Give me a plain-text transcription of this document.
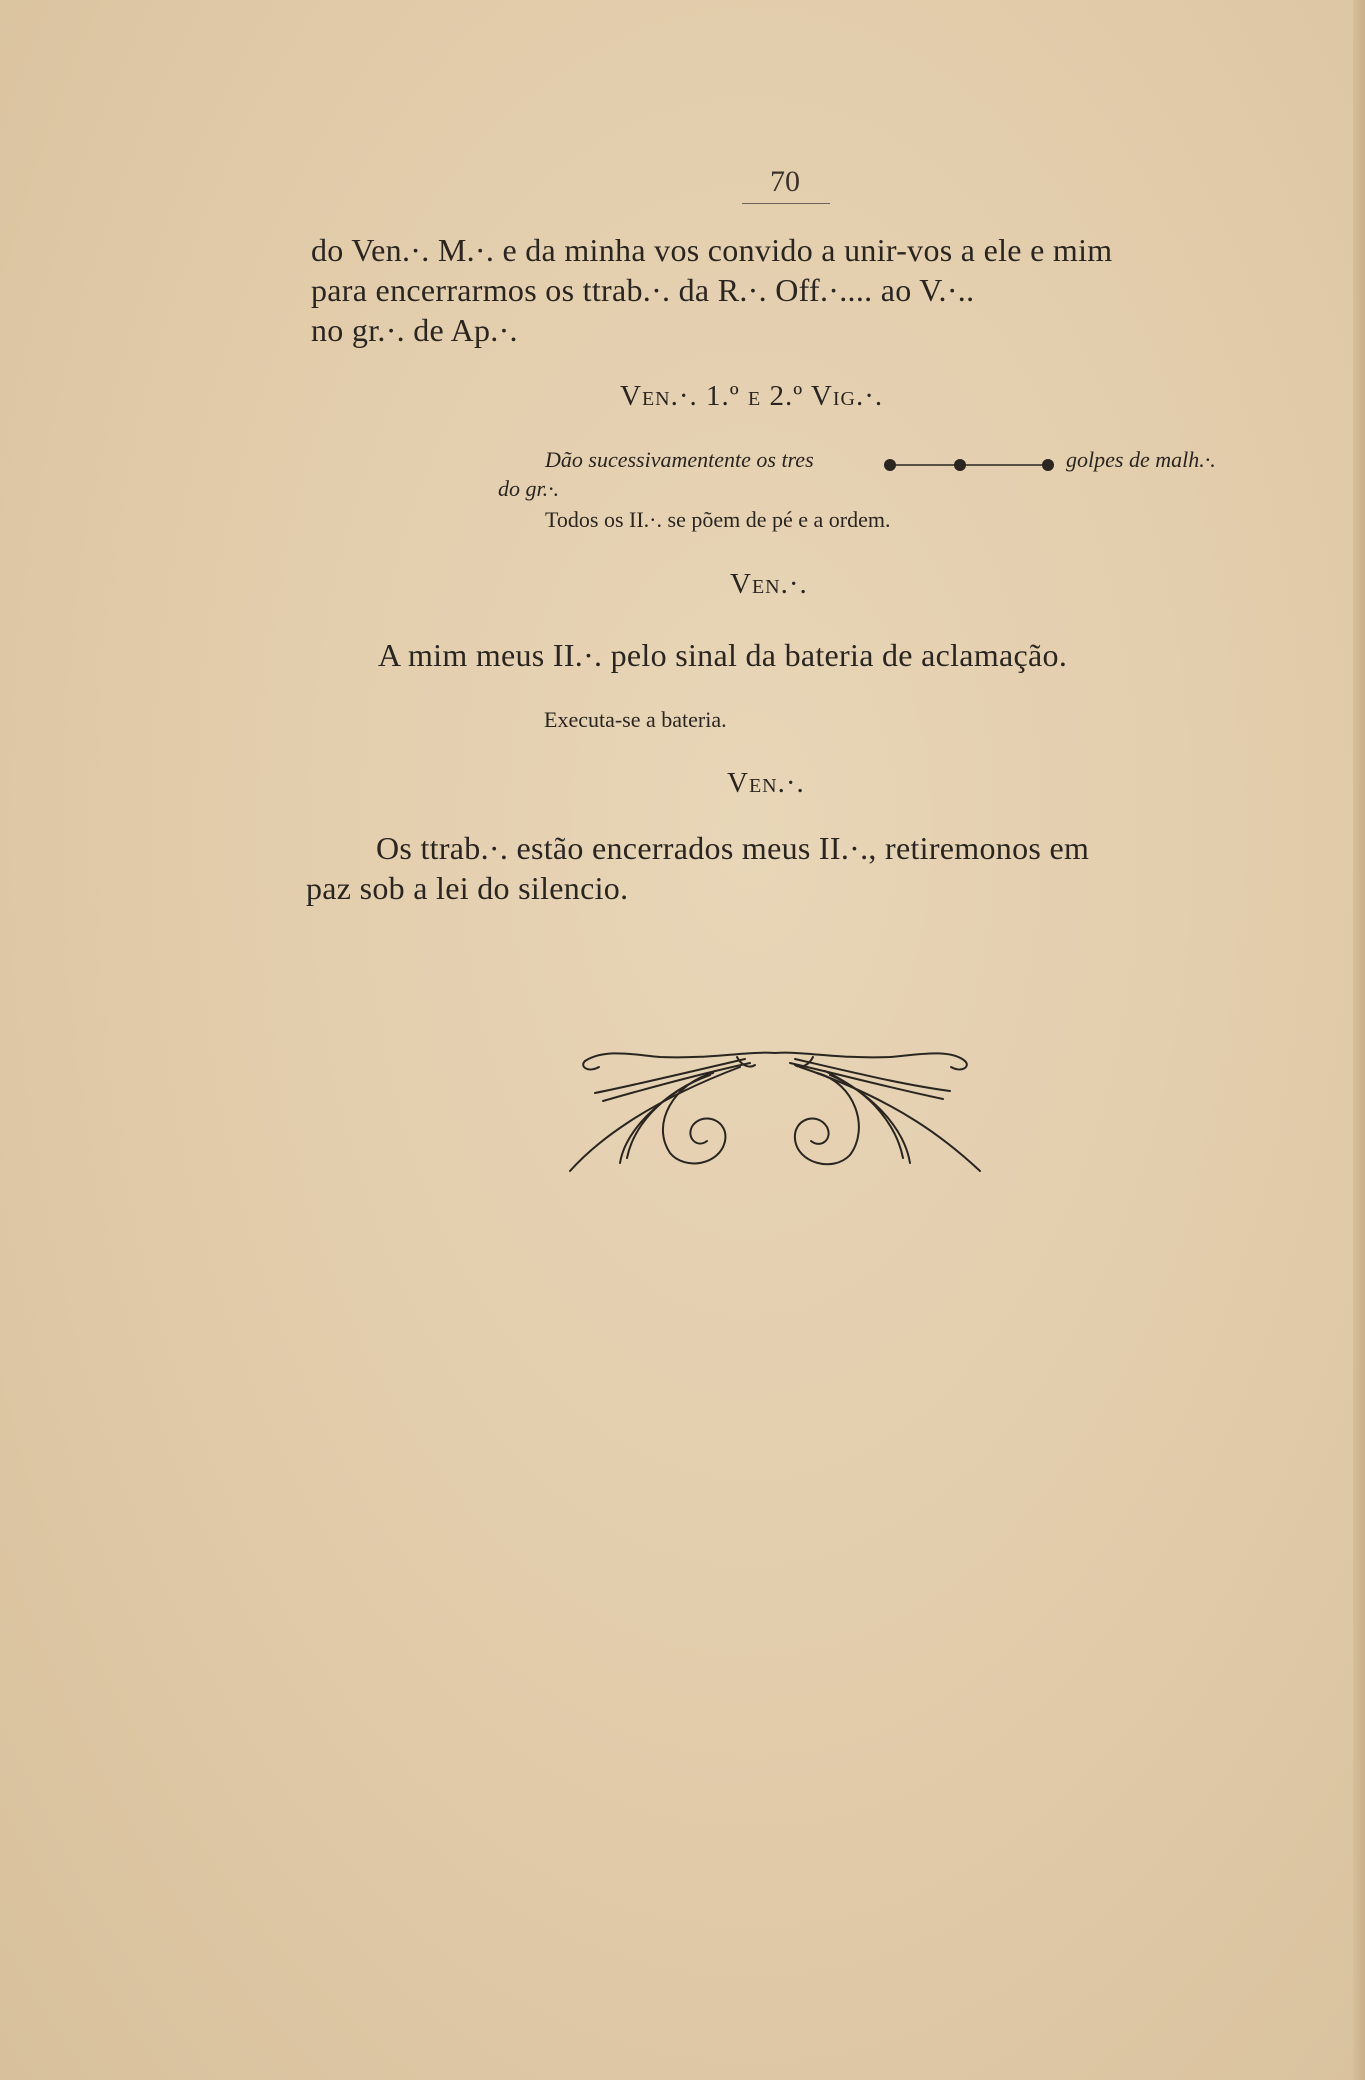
70
do Ven.·. M.·. e da minha vos convido a unir-vos a ele e mim
para encerrarmos os ttrab.·. da R.·. Off.·.... ao V.·..
no gr.·. de Ap.·.
Ven.·. 1.º e 2.º Vig.·.
Dão sucessivamentente os tres	golpes de malh.·.
do gr.·.
Todos os II.·. se põem de pé e a ordem.
Ven.·.
A mim meus II.·. pelo sinal da bateria de aclamação.
Executa-se a bateria.
Ven.·.
Os ttrab.·. estão encerrados meus II.·., retiremonos em
paz sob a lei do silencio.
